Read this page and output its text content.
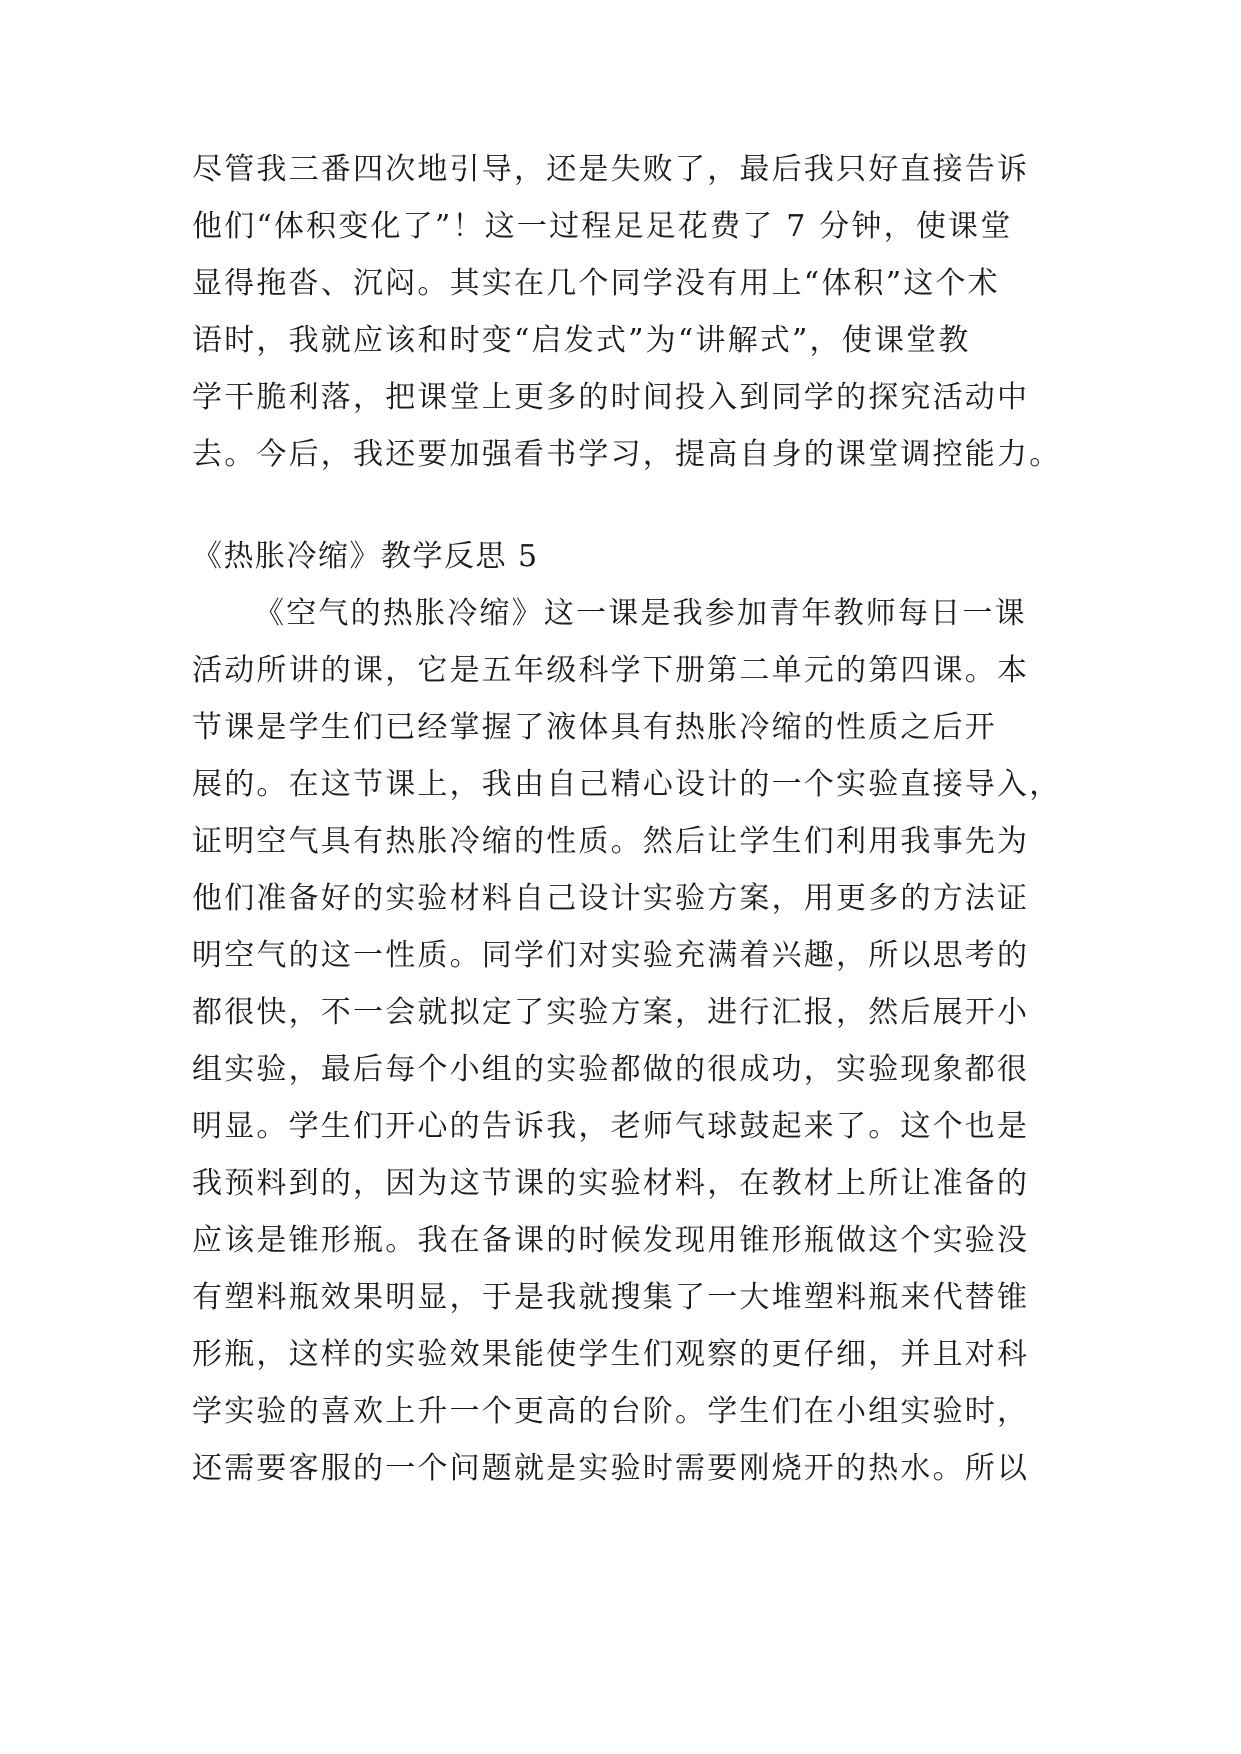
尽管我三番四次地引导，还是失败了，最后我只好直接告诉
他们“体积变化了”！这一过程足足花费了 7 分钟，使课堂
显得拖沓、沉闷。其实在几个同学没有用上“体积”这个术
语时，我就应该和时变“启发式”为“讲解式”，使课堂教
学干脆利落，把课堂上更多的时间投入到同学的探究活动中
去。今后，我还要加强看书学习，提高自身的课堂调控能力。
《热胀冷缩》教学反思 5
《空气的热胀冷缩》这一课是我参加青年教师每日一课
活动所讲的课，它是五年级科学下册第二单元的第四课。本
节课是学生们已经掌握了液体具有热胀冷缩的性质之后开
展的。在这节课上，我由自己精心设计的一个实验直接导入，
证明空气具有热胀冷缩的性质。然后让学生们利用我事先为
他们准备好的实验材料自己设计实验方案，用更多的方法证
明空气的这一性质。同学们对实验充满着兴趣，所以思考的
都很快，不一会就拟定了实验方案，进行汇报，然后展开小
组实验，最后每个小组的实验都做的很成功，实验现象都很
明显。学生们开心的告诉我，老师气球鼓起来了。这个也是
我预料到的，因为这节课的实验材料，在教材上所让准备的
应该是锥形瓶。我在备课的时候发现用锥形瓶做这个实验没
有塑料瓶效果明显，于是我就搜集了一大堆塑料瓶来代替锥
形瓶，这样的实验效果能使学生们观察的更仔细，并且对科
学实验的喜欢上升一个更高的台阶。学生们在小组实验时，
还需要客服的一个问题就是实验时需要刚烧开的热水。所以
